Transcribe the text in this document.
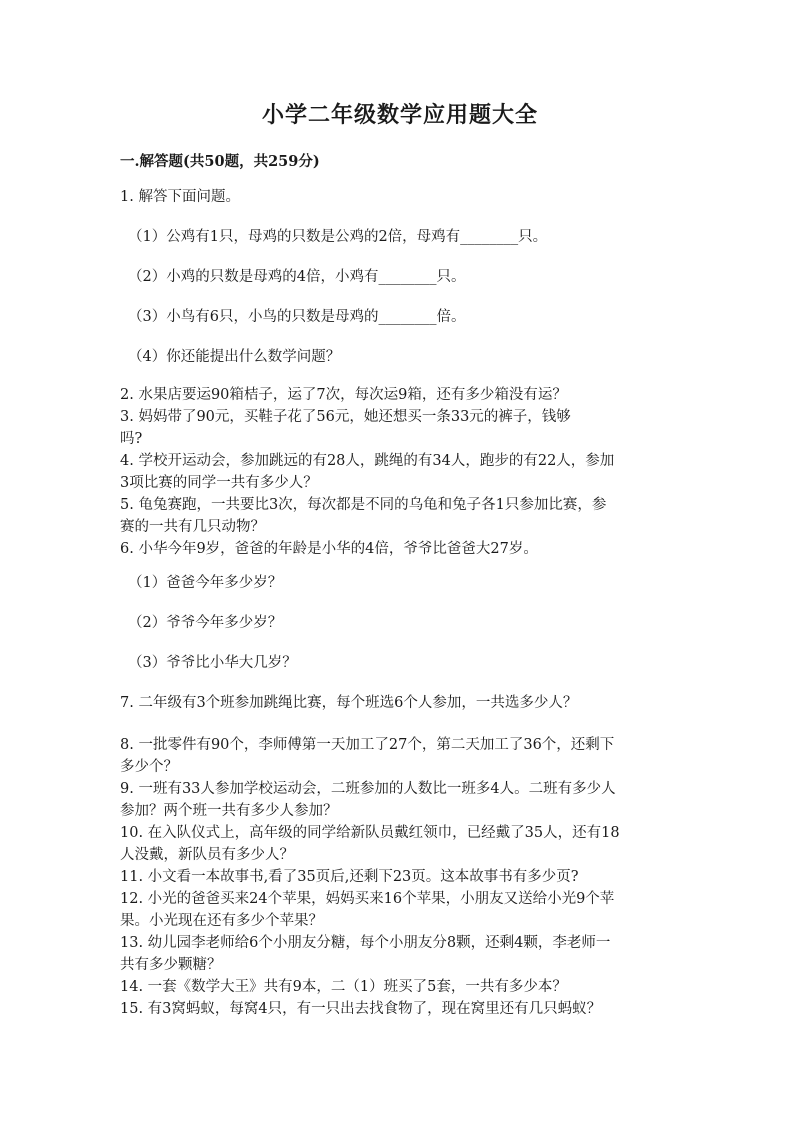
小学二年级数学应用题大全
一.解答题(共50题，共259分)
1. 解答下面问题。
（1）公鸡有1只，母鸡的只数是公鸡的2倍，母鸡有________只。
（2）小鸡的只数是母鸡的4倍，小鸡有________只。
（3）小鸟有6只，小鸟的只数是母鸡的________倍。
（4）你还能提出什么数学问题？
2. 水果店要运90箱桔子，运了7次，每次运9箱，还有多少箱没有运？
3. 妈妈带了90元，买鞋子花了56元，她还想买一条33元的裤子，钱够
吗?
4. 学校开运动会，参加跳远的有28人，跳绳的有34人，跑步的有22人，参加
3项比赛的同学一共有多少人？
5. 龟兔赛跑，一共要比3次，每次都是不同的乌龟和兔子各1只参加比赛，参
赛的一共有几只动物？
6. 小华今年9岁，爸爸的年龄是小华的4倍，爷爷比爸爸大27岁。
（1）爸爸今年多少岁？
（2）爷爷今年多少岁？
（3）爷爷比小华大几岁？
7. 二年级有3个班参加跳绳比赛，每个班选6个人参加，一共选多少人？
8. 一批零件有90个，李师傅第一天加工了27个，第二天加工了36个，还剩下
多少个？
9. 一班有33人参加学校运动会，二班参加的人数比一班多4人。二班有多少人
参加？两个班一共有多少人参加？
10. 在入队仪式上，高年级的同学给新队员戴红领巾，已经戴了35人，还有18
人没戴，新队员有多少人？
11. 小文看一本故事书,看了35页后,还剩下23页。这本故事书有多少页?
12. 小光的爸爸买来24个苹果，妈妈买来16个苹果，小朋友又送给小光9个苹
果。小光现在还有多少个苹果？
13. 幼儿园李老师给6个小朋友分糖，每个小朋友分8颗，还剩4颗，李老师一
共有多少颗糖？
14. 一套《数学大王》共有9本，二（1）班买了5套，一共有多少本？
15. 有3窝蚂蚁，每窝4只，有一只出去找食物了，现在窝里还有几只蚂蚁？
